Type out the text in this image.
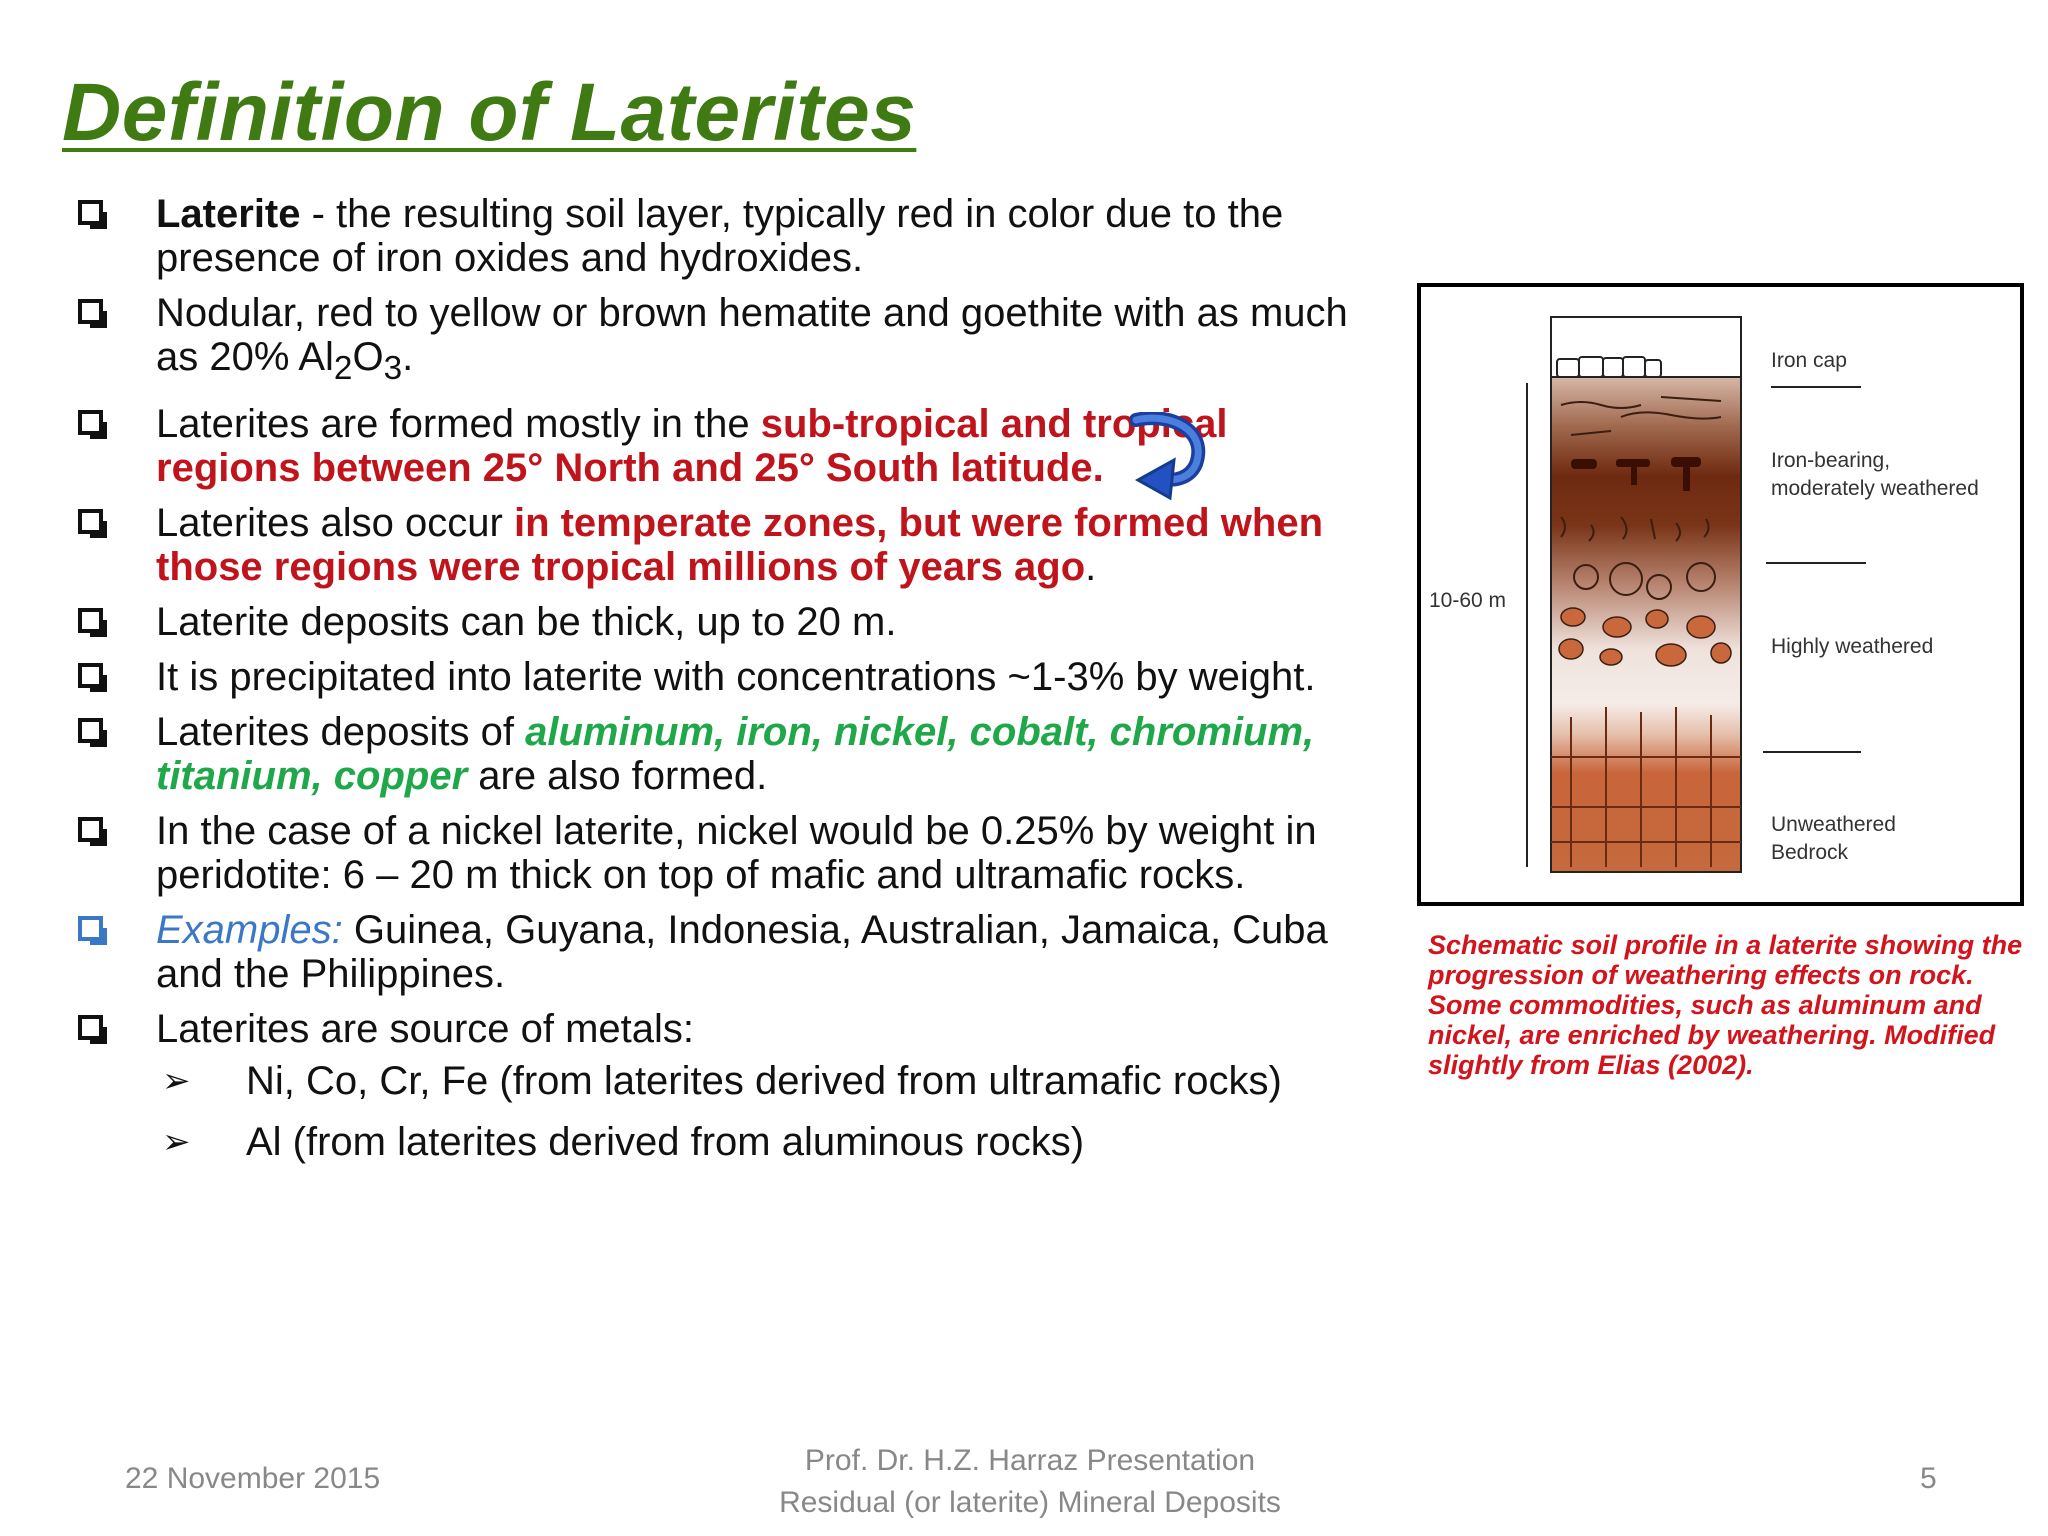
Definition of Laterites
Laterite - the resulting soil layer, typically red in color due to the presence of iron oxides and hydroxides.
Nodular, red to yellow or brown hematite and goethite with as much as 20% $Al_2O_3$.
Laterites are formed mostly in the sub-tropical and tropical regions between 25° North and 25° South latitude.
Laterites also occur in temperate zones, but were formed when those regions were tropical millions of years ago.
Laterite deposits can be thick, up to 20 m.
It is precipitated into laterite with concentrations ~1-3% by weight.
Laterites deposits of aluminum, iron, nickel, cobalt, chromium, titanium, copper are also formed.
In the case of a nickel laterite, nickel would be 0.25% by weight in peridotite: 6 – 20 m thick on top of mafic and ultramafic rocks.
Examples: Guinea, Guyana, Indonesia, Australian, Jamaica, Cuba and the Philippines.
Laterites are source of metals:
➢ Ni, Co, Cr, Fe (from laterites derived from ultramafic rocks)
➢ Al (from laterites derived from aluminous rocks)
10-60 m
Iron cap
Iron-bearing,
moderately weathered
Highly weathered
Unweathered
Bedrock
Schematic soil profile in a laterite showing the progression of weathering effects on rock. Some commodities, such as aluminum and nickel, are enriched by weathering. Modified slightly from Elias (2002).
22 November 2015
Prof. Dr. H.Z. Harraz Presentation
Residual (or laterite) Mineral Deposits
5
